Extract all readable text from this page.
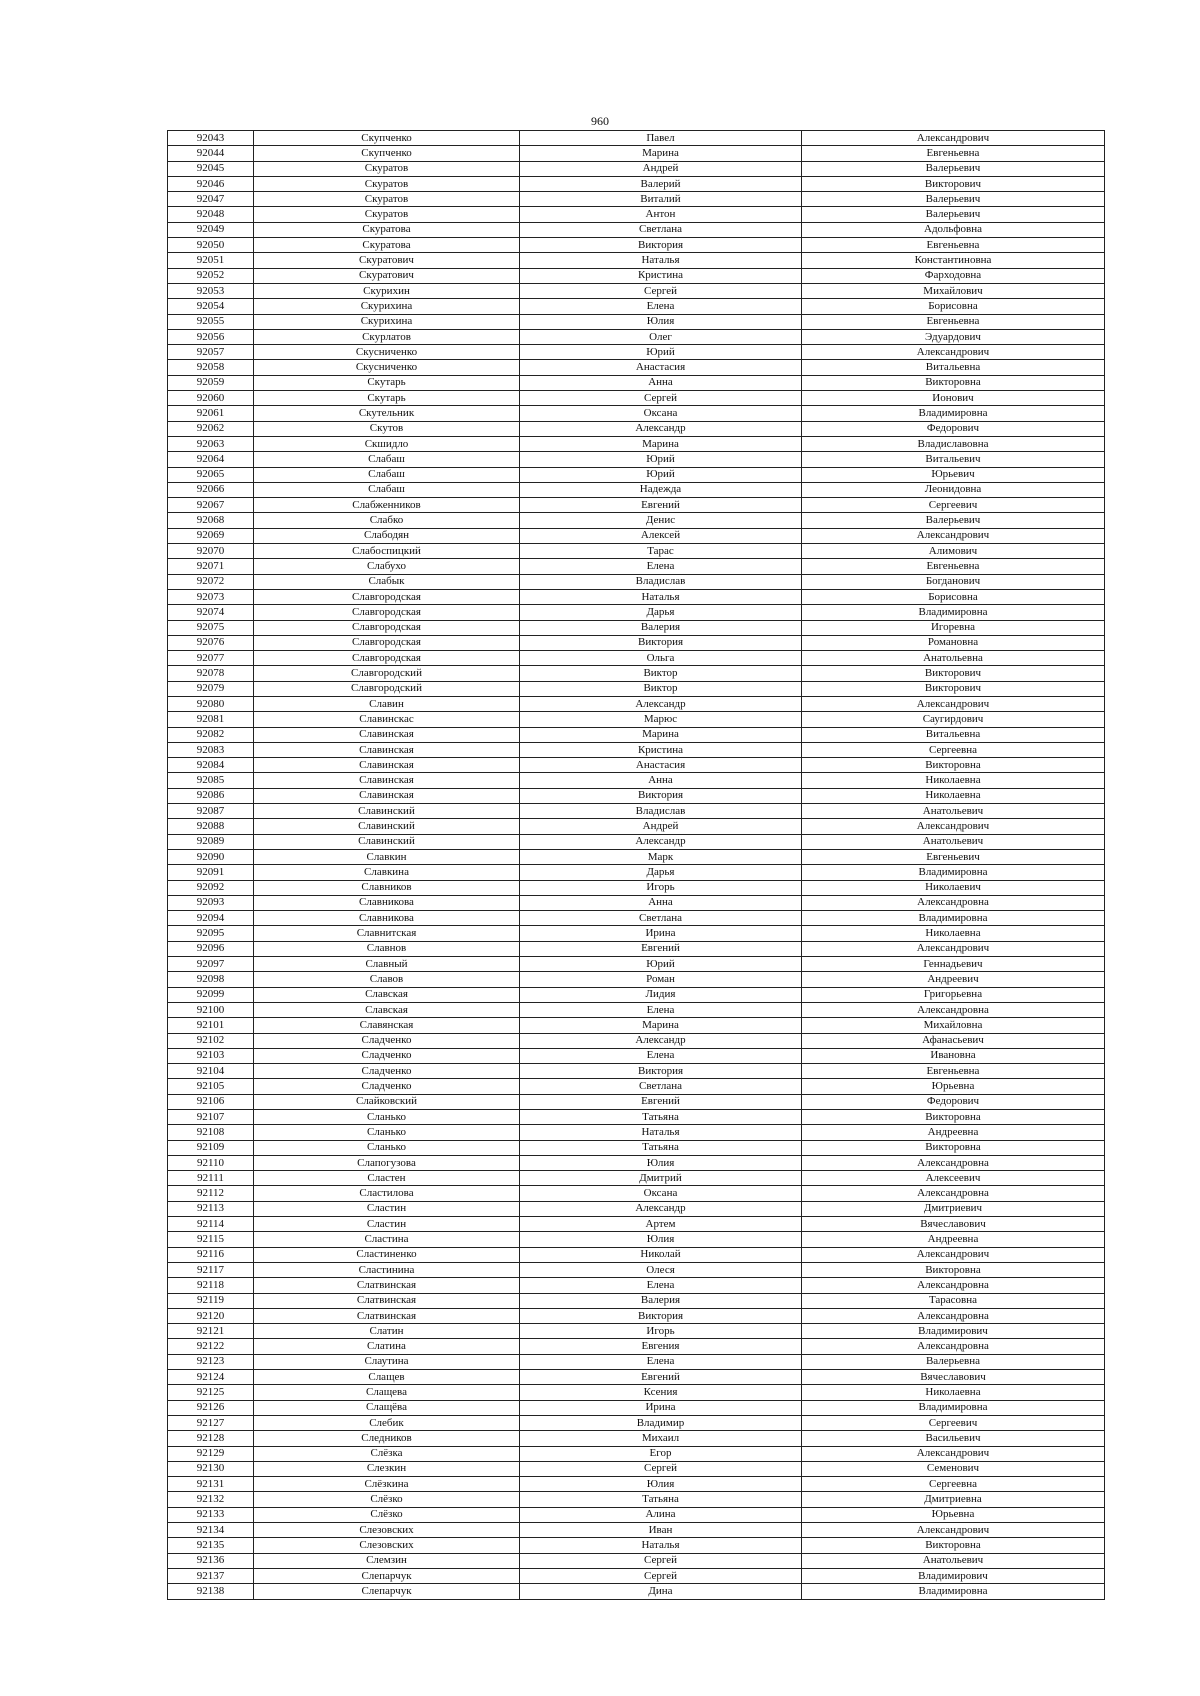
960
92043	Скупченко	Павел	Александрович
92044	Скупченко	Марина	Евгеньевна
92045	Скуратов	Андрей	Валерьевич
92046	Скуратов	Валерий	Викторович
92047	Скуратов	Виталий	Валерьевич
92048	Скуратов	Антон	Валерьевич
92049	Скуратова	Светлана	Адольфовна
92050	Скуратова	Виктория	Евгеньевна
92051	Скуратович	Наталья	Константиновна
92052	Скуратович	Кристина	Фарходовна
92053	Скурихин	Сергей	Михайлович
92054	Скурихина	Елена	Борисовна
92055	Скурихина	Юлия	Евгеньевна
92056	Скурлатов	Олег	Эдуардович
92057	Скусниченко	Юрий	Александрович
92058	Скусниченко	Анастасия	Витальевна
92059	Скутарь	Анна	Викторовна
92060	Скутарь	Сергей	Ионович
92061	Скутельник	Оксана	Владимировна
92062	Скутов	Александр	Федорович
92063	Скшидло	Марина	Владиславовна
92064	Слабаш	Юрий	Витальевич
92065	Слабаш	Юрий	Юрьевич
92066	Слабаш	Надежда	Леонидовна
92067	Слабженников	Евгений	Сергеевич
92068	Слабко	Денис	Валерьевич
92069	Слабодян	Алексей	Александрович
92070	Слабоспицкий	Тарас	Алимович
92071	Слабухо	Елена	Евгеньевна
92072	Слабык	Владислав	Богданович
92073	Славгородская	Наталья	Борисовна
92074	Славгородская	Дарья	Владимировна
92075	Славгородская	Валерия	Игоревна
92076	Славгородская	Виктория	Романовна
92077	Славгородская	Ольга	Анатольевна
92078	Славгородский	Виктор	Викторович
92079	Славгородский	Виктор	Викторович
92080	Славин	Александр	Александрович
92081	Славинскас	Марюс	Саугирдович
92082	Славинская	Марина	Витальевна
92083	Славинская	Кристина	Сергеевна
92084	Славинская	Анастасия	Викторовна
92085	Славинская	Анна	Николаевна
92086	Славинская	Виктория	Николаевна
92087	Славинский	Владислав	Анатольевич
92088	Славинский	Андрей	Александрович
92089	Славинский	Александр	Анатольевич
92090	Славкин	Марк	Евгеньевич
92091	Славкина	Дарья	Владимировна
92092	Славников	Игорь	Николаевич
92093	Славникова	Анна	Александровна
92094	Славникова	Светлана	Владимировна
92095	Славнитская	Ирина	Николаевна
92096	Славнов	Евгений	Александрович
92097	Славный	Юрий	Геннадьевич
92098	Славов	Роман	Андреевич
92099	Славская	Лидия	Григорьевна
92100	Славская	Елена	Александровна
92101	Славянская	Марина	Михайловна
92102	Сладченко	Александр	Афанасьевич
92103	Сладченко	Елена	Ивановна
92104	Сладченко	Виктория	Евгеньевна
92105	Сладченко	Светлана	Юрьевна
92106	Слайковский	Евгений	Федорович
92107	Сланько	Татьяна	Викторовна
92108	Сланько	Наталья	Андреевна
92109	Сланько	Татьяна	Викторовна
92110	Слапогузова	Юлия	Александровна
92111	Сластен	Дмитрий	Алексеевич
92112	Сластилова	Оксана	Александровна
92113	Сластин	Александр	Дмитриевич
92114	Сластин	Артем	Вячеславович
92115	Сластина	Юлия	Андреевна
92116	Сластиненко	Николай	Александрович
92117	Сластинина	Олеся	Викторовна
92118	Слатвинская	Елена	Александровна
92119	Слатвинская	Валерия	Тарасовна
92120	Слатвинская	Виктория	Александровна
92121	Слатин	Игорь	Владимирович
92122	Слатина	Евгения	Александровна
92123	Слаутина	Елена	Валерьевна
92124	Слащев	Евгений	Вячеславович
92125	Слащева	Ксения	Николаевна
92126	Слащёва	Ирина	Владимировна
92127	Слебик	Владимир	Сергеевич
92128	Следников	Михаил	Васильевич
92129	Слёзка	Егор	Александрович
92130	Слезкин	Сергей	Семенович
92131	Слёзкина	Юлия	Сергеевна
92132	Слёзко	Татьяна	Дмитриевна
92133	Слёзко	Алина	Юрьевна
92134	Слезовских	Иван	Александрович
92135	Слезовских	Наталья	Викторовна
92136	Слемзин	Сергей	Анатольевич
92137	Слепарчук	Сергей	Владимирович
92138	Слепарчук	Дина	Владимировна
